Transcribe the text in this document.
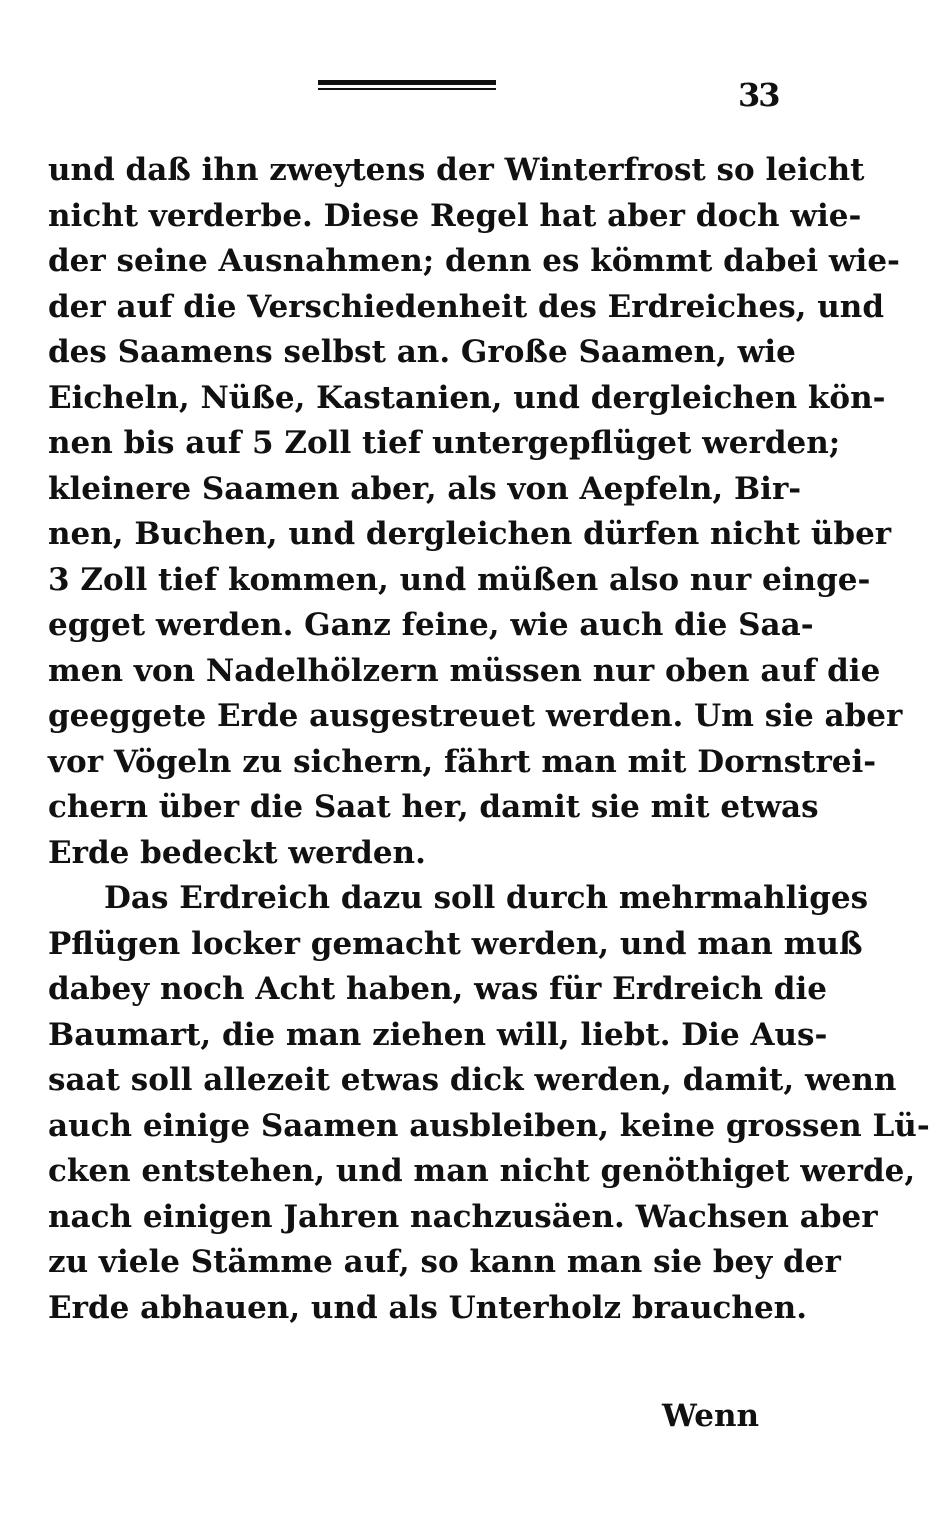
33
und daß ihn zweytens der Winterfrost so leicht
nicht verderbe. Diese Regel hat aber doch wie-
der seine Ausnahmen; denn es kömmt dabei wie-
der auf die Verschiedenheit des Erdreiches, und
des Saamens selbst an. Große Saamen, wie
Eicheln, Nüße, Kastanien, und dergleichen kön-
nen bis auf 5 Zoll tief untergepflüget werden;
kleinere Saamen aber, als von Aepfeln, Bir-
nen, Buchen, und dergleichen dürfen nicht über
3 Zoll tief kommen, und müßen also nur einge-
egget werden. Ganz feine, wie auch die Saa-
men von Nadelhölzern müssen nur oben auf die
geeggete Erde ausgestreuet werden. Um sie aber
vor Vögeln zu sichern, fährt man mit Dornstrei-
chern über die Saat her, damit sie mit etwas
Erde bedeckt werden.
Das Erdreich dazu soll durch mehrmahliges
Pflügen locker gemacht werden, und man muß
dabey noch Acht haben, was für Erdreich die
Baumart, die man ziehen will, liebt. Die Aus-
saat soll allezeit etwas dick werden, damit, wenn
auch einige Saamen ausbleiben, keine grossen Lü-
cken entstehen, und man nicht genöthiget werde,
nach einigen Jahren nachzusäen. Wachsen aber
zu viele Stämme auf, so kann man sie bey der
Erde abhauen, und als Unterholz brauchen.
Wenn
